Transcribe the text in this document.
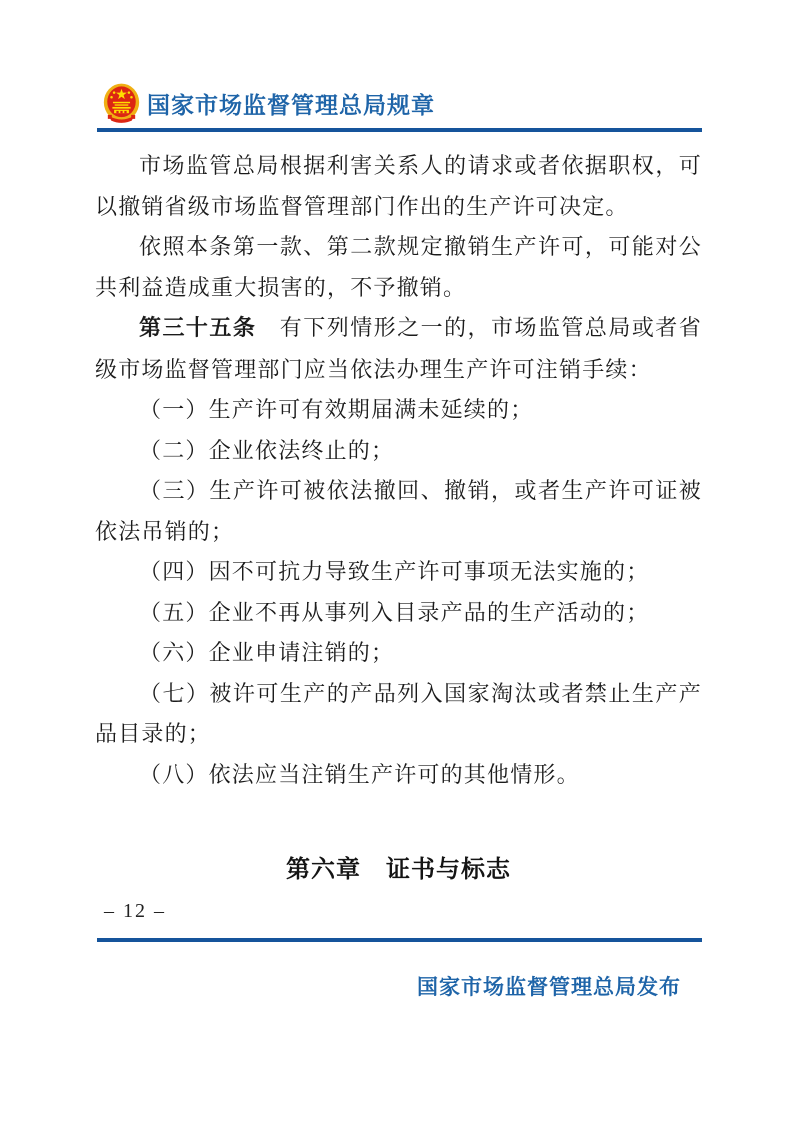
国家市场监督管理总局规章

市场监管总局根据利害关系人的请求或者依据职权，可以撤销省级市场监督管理部门作出的生产许可决定。

依照本条第一款、第二款规定撤销生产许可，可能对公共利益造成重大损害的，不予撤销。

第三十五条　有下列情形之一的，市场监管总局或者省级市场监督管理部门应当依法办理生产许可注销手续：

（一）生产许可有效期届满未延续的；

（二）企业依法终止的；

（三）生产许可被依法撤回、撤销，或者生产许可证被依法吊销的；

（四）因不可抗力导致生产许可事项无法实施的；

（五）企业不再从事列入目录产品的生产活动的；

（六）企业申请注销的；

（七）被许可生产的产品列入国家淘汰或者禁止生产产品目录的；

（八）依法应当注销生产许可的其他情形。

第六章　证书与标志
– 12 –
国家市场监督管理总局发布
